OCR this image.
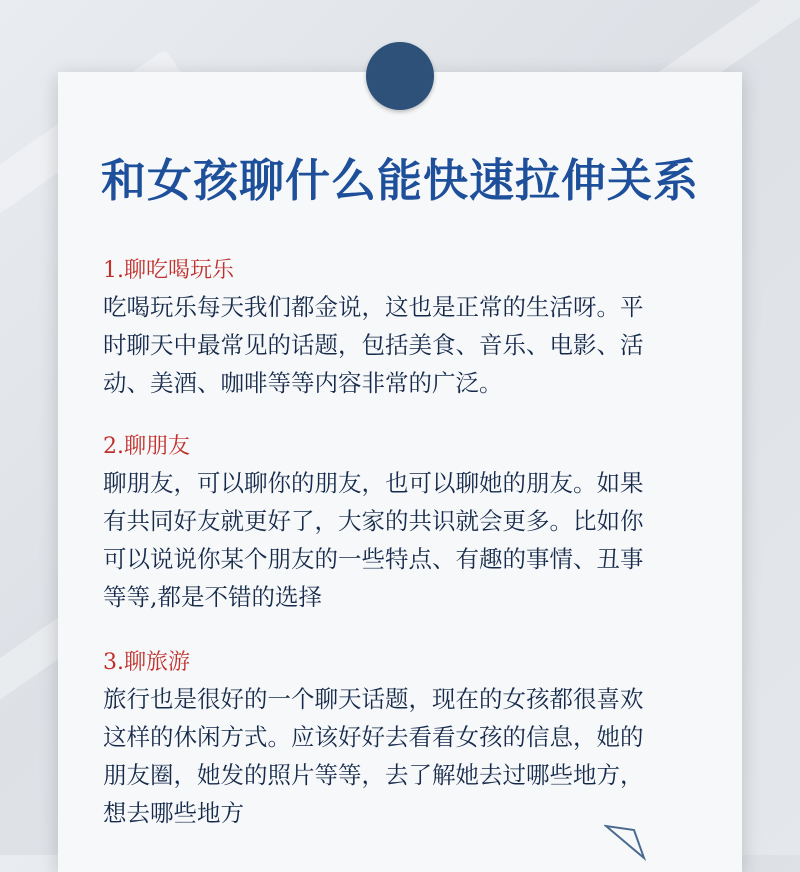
和女孩聊什么能快速拉伸关系

1.聊吃喝玩乐

吃喝玩乐每天我们都金说，这也是正常的生活呀。平
时聊天中最常见的话题，包括美食、音乐、电影、活
动、美酒、咖啡等等内容非常的广泛。

2.聊朋友

聊朋友，可以聊你的朋友，也可以聊她的朋友。如果
有共同好友就更好了，大家的共识就会更多。比如你
可以说说你某个朋友的一些特点、有趣的事情、丑事
等等,都是不错的选择

3.聊旅游

旅行也是很好的一个聊天话题，现在的女孩都很喜欢
这样的休闲方式。应该好好去看看女孩的信息，她的
朋友圈，她发的照片等等，去了解她去过哪些地方，
想去哪些地方
